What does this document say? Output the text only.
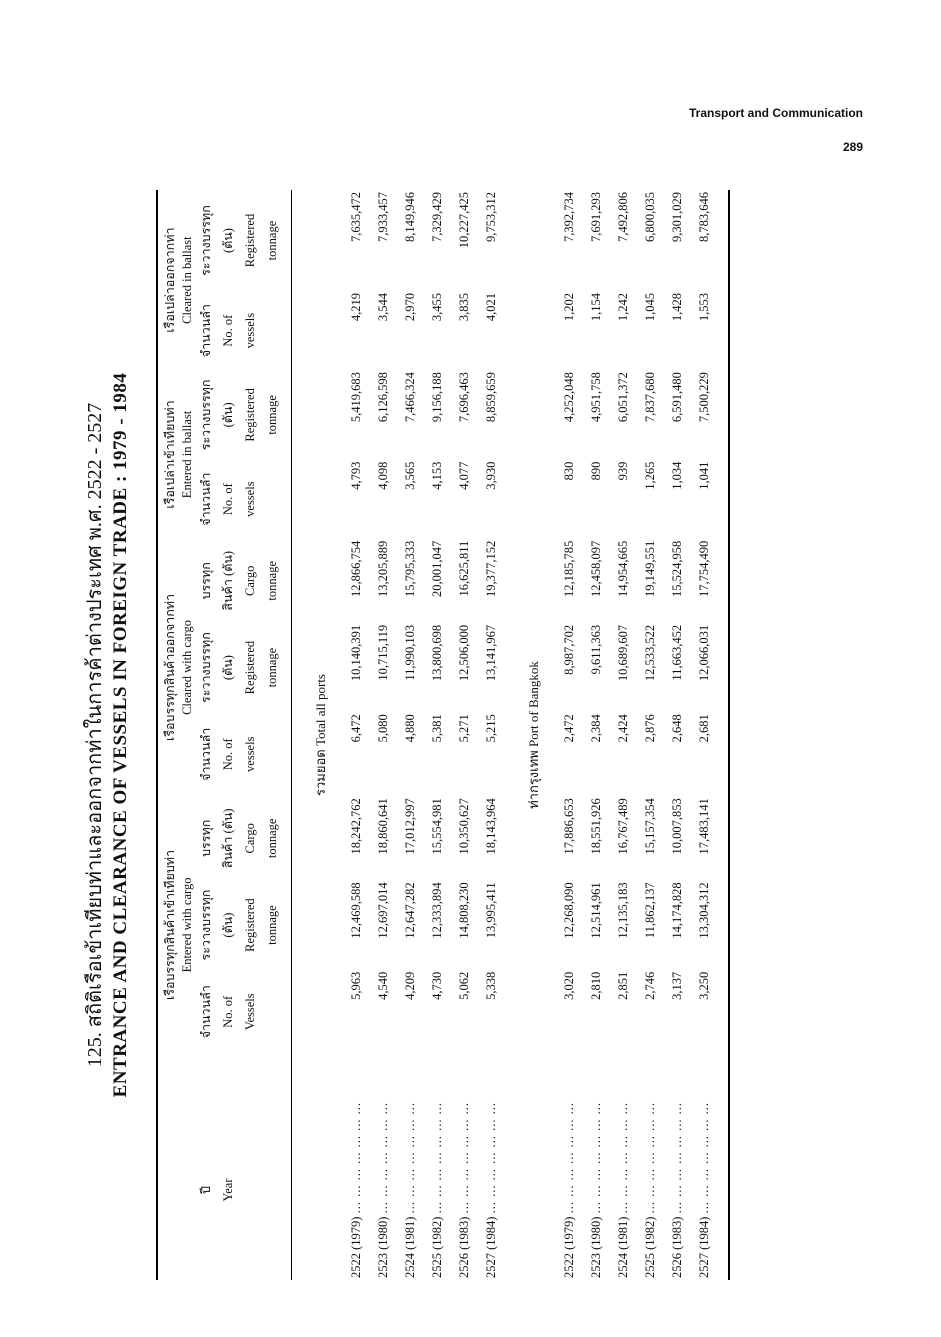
Transport and Communication
289
125. สถิติเรือเข้าเทียบท่าและออกจากท่าในการค้าต่างประเทศ พ.ศ. 2522 - 2527 ENTRANCE AND CLEARANCE OF VESSELS IN FOREIGN TRADE : 1979 - 1984
			เรือบรรทุกสินค้าเข้าเทียบท่า			เรือบรรทุกสินค้าออกจากท่า			เรือเปล่าเข้าเทียบท่า		เรือเปล่าออกจากท่า	
		Entered with cargo			Cleared with cargo			Entered in ballast		Cleared in ballast	
ปี		จำนวนลำ	ระวางบรรทุก	บรรทุก	จำนวนลำ	ระวางบรรทุก	บรรทุก	จำนวนลำ	ระวางบรรทุก	จำนวนลำ	ระวางบรรทุก
Year		No. of	(ตัน)	สินค้า (ตัน)	No. of	(ตัน)	สินค้า (ตัน)	No. of	(ตัน)	No. of	(ตัน)
		Vessels	Registered	Cargo	vessels	Registered	Cargo	vessels	Registered	vessels	Registered
			tonnage	tonnage		tonnage	tonnage		tonnage		tonnage

รวมยอด Total all ports											
2522 (1979) ... ... ... ... ... ... ...		5,963	12,469,588	18,242,762	6,472	10,140,391	12,866,754	4,793	5,419,683	4,219	7,635,472
2523 (1980) ... ... ... ... ... ... ...		4,540	12,697,014	18,860,641	5,080	10,715,119	13,205,889	4,098	6,126,598	3,544	7,933,457
2524 (1981) ... ... ... ... ... ... ...		4,209	12,647,282	17,012,997	4,880	11,990,103	15,795,333	3,565	7,466,324	2,970	8,149,946
2525 (1982) ... ... ... ... ... ... ...		4,730	12,333,894	15,554,981	5,381	13,800,698	20,001,047	4,153	9,156,188	3,455	7,329,429
2526 (1983) ... ... ... ... ... ... ...		5,062	14,808,230	10,350,627	5,271	12,506,000	16,625,811	4,077	7,696,463	3,835	10,227,425
2527 (1984) ... ... ... ... ... ... ...		5,338	13,995,411	18,143,964	5,215	13,141,967	19,377,152	3,930	8,859,659	4,021	9,753,312
ท่ากรุงเทพ Port of Bangkok											
2522 (1979) ... ... ... ... ... ... ...		3,020	12,268,090	17,886,653	2,472	8,987,702	12,185,785	830	4,252,048	1,202	7,392,734
2523 (1980) ... ... ... ... ... ... ...		2,810	12,514,961	18,551,926	2,384	9,611,363	12,458,097	890	4,951,758	1,154	7,691,293
2524 (1981) ... ... ... ... ... ... ...		2,851	12,135,183	16,767,489	2,424	10,689,607	14,954,665	939	6,051,372	1,242	7,492,806
2525 (1982) ... ... ... ... ... ... ...		2,746	11,862,137	15,157,354	2,876	12,533,522	19,149,551	1,265	7,837,680	1,045	6,800,035
2526 (1983) ... ... ... ... ... ... ...		3,137	14,174,828	10,007,853	2,648	11,663,452	15,524,958	1,034	6,591,480	1,428	9,301,029
2527 (1984) ... ... ... ... ... ... ...		3,250	13,304,312	17,483,141	2,681	12,066,031	17,754,490	1,041	7,500,229	1,553	8,783,646
